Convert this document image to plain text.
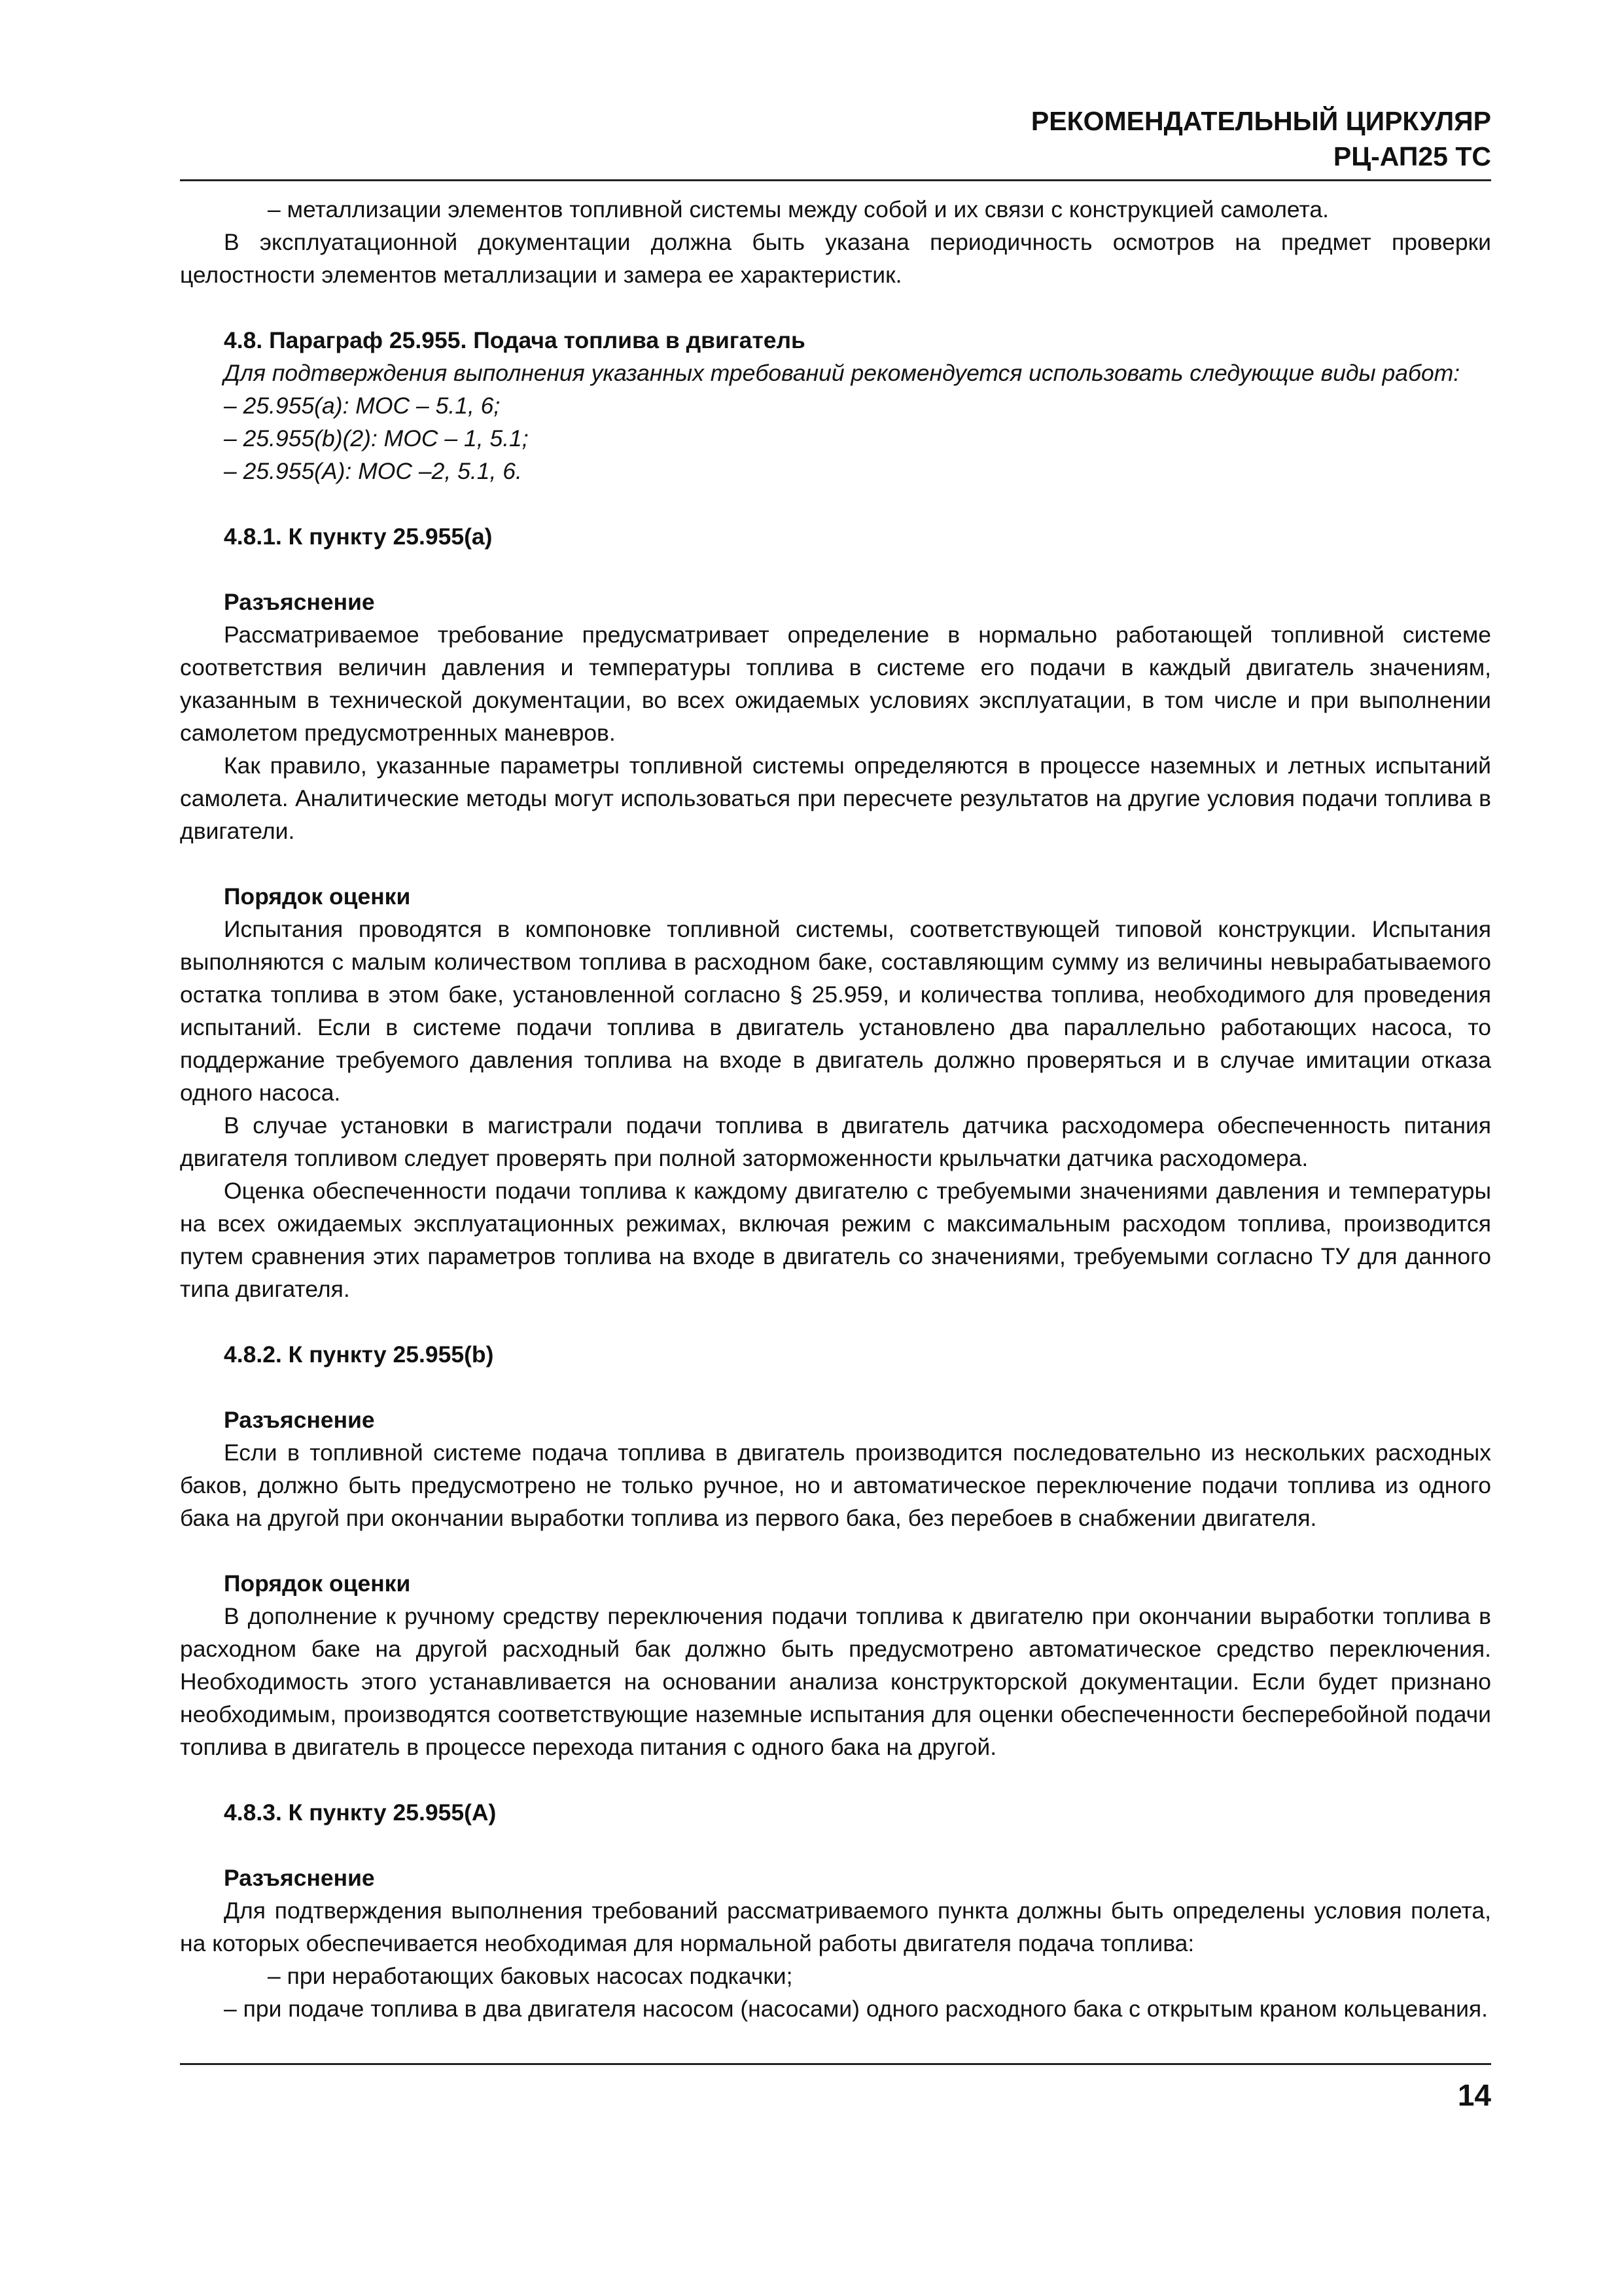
РЕКОМЕНДАТЕЛЬНЫЙ ЦИРКУЛЯР
РЦ-АП25 ТС

– металлизации элементов топливной системы между собой и их связи с конструкцией самолета.

В эксплуатационной документации должна быть указана периодичность осмотров на предмет проверки целостности элементов металлизации и замера ее характеристик.

4.8. Параграф 25.955. Подача топлива в двигатель

Для подтверждения выполнения указанных требований рекомендуется использовать следующие виды работ:

– 25.955(a): МОС – 5.1, 6;

– 25.955(b)(2): МОС – 1, 5.1;

– 25.955(A): МОС –2, 5.1, 6.

4.8.1. К пункту 25.955(a)

Разъяснение

Рассматриваемое требование предусматривает определение в нормально работающей топливной системе соответствия величин давления и температуры топлива в системе его подачи в каждый двигатель значениям, указанным в технической документации, во всех ожидаемых условиях эксплуатации, в том числе и при выполнении самолетом предусмотренных маневров.

Как правило, указанные параметры топливной системы определяются в процессе наземных и летных испытаний самолета. Аналитические методы могут использоваться при пересчете результатов на другие условия подачи топлива в двигатели.

Порядок оценки

Испытания проводятся в компоновке топливной системы, соответствующей типовой конструкции. Испытания выполняются с малым количеством топлива в расходном баке, составляющим сумму из величины невырабатываемого остатка топлива в этом баке, установленной согласно § 25.959, и количества топлива, необходимого для проведения испытаний. Если в системе подачи топлива в двигатель установлено два параллельно работающих насоса, то поддержание требуемого давления топлива на входе в двигатель должно проверяться и в случае имитации отказа одного насоса.

В случае установки в магистрали подачи топлива в двигатель датчика расходомера обеспеченность питания двигателя топливом следует проверять при полной заторможенности крыльчатки датчика расходомера.

Оценка обеспеченности подачи топлива к каждому двигателю с требуемыми значениями давления и температуры на всех ожидаемых эксплуатационных режимах, включая режим с максимальным расходом топлива, производится путем сравнения этих параметров топлива на входе в двигатель со значениями, требуемыми согласно ТУ для данного типа двигателя.

4.8.2. К пункту 25.955(b)

Разъяснение

Если в топливной системе подача топлива в двигатель производится последовательно из нескольких расходных баков, должно быть предусмотрено не только ручное, но и автоматическое переключение подачи топлива из одного бака на другой при окончании выработки топлива из первого бака, без перебоев в снабжении двигателя.

Порядок оценки

В дополнение к ручному средству переключения подачи топлива к двигателю при окончании выработки топлива в расходном баке на другой расходный бак должно быть предусмотрено автоматическое средство переключения. Необходимость этого устанавливается на основании анализа конструкторской документации. Если будет признано необходимым, производятся соответствующие наземные испытания для оценки обеспеченности бесперебойной подачи топлива в двигатель в процессе перехода питания с одного бака на другой.

4.8.3. К пункту 25.955(A)

Разъяснение

Для подтверждения выполнения требований рассматриваемого пункта должны быть определены условия полета, на которых обеспечивается необходимая для нормальной работы двигателя подача топлива:

– при неработающих баковых насосах подкачки;

– при подаче топлива в два двигателя насосом (насосами) одного расходного бака с открытым краном кольцевания.

14
